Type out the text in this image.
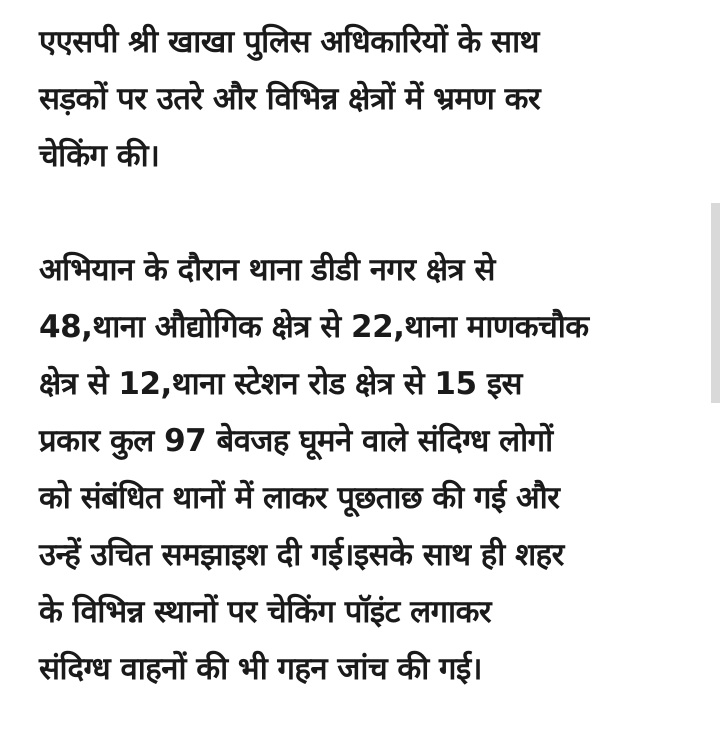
एएसपी श्री खाखा पुलिस अधिकारियों के साथ
सड़कों पर उतरे और विभिन्न क्षेत्रों में भ्रमण कर
चेकिंग की।

अभियान के दौरान थाना डीडी नगर क्षेत्र से
48,थाना औद्योगिक क्षेत्र से 22,थाना माणकचौक
क्षेत्र से 12,थाना स्टेशन रोड क्षेत्र से 15 इस
प्रकार कुल 97 बेवजह घूमने वाले संदिग्ध लोगों
को संबंधित थानों में लाकर पूछताछ की गई और
उन्हें उचित समझाइश दी गई।इसके साथ ही शहर
के विभिन्न स्थानों पर चेकिंग पॉइंट लगाकर
संदिग्ध वाहनों की भी गहन जांच की गई।
